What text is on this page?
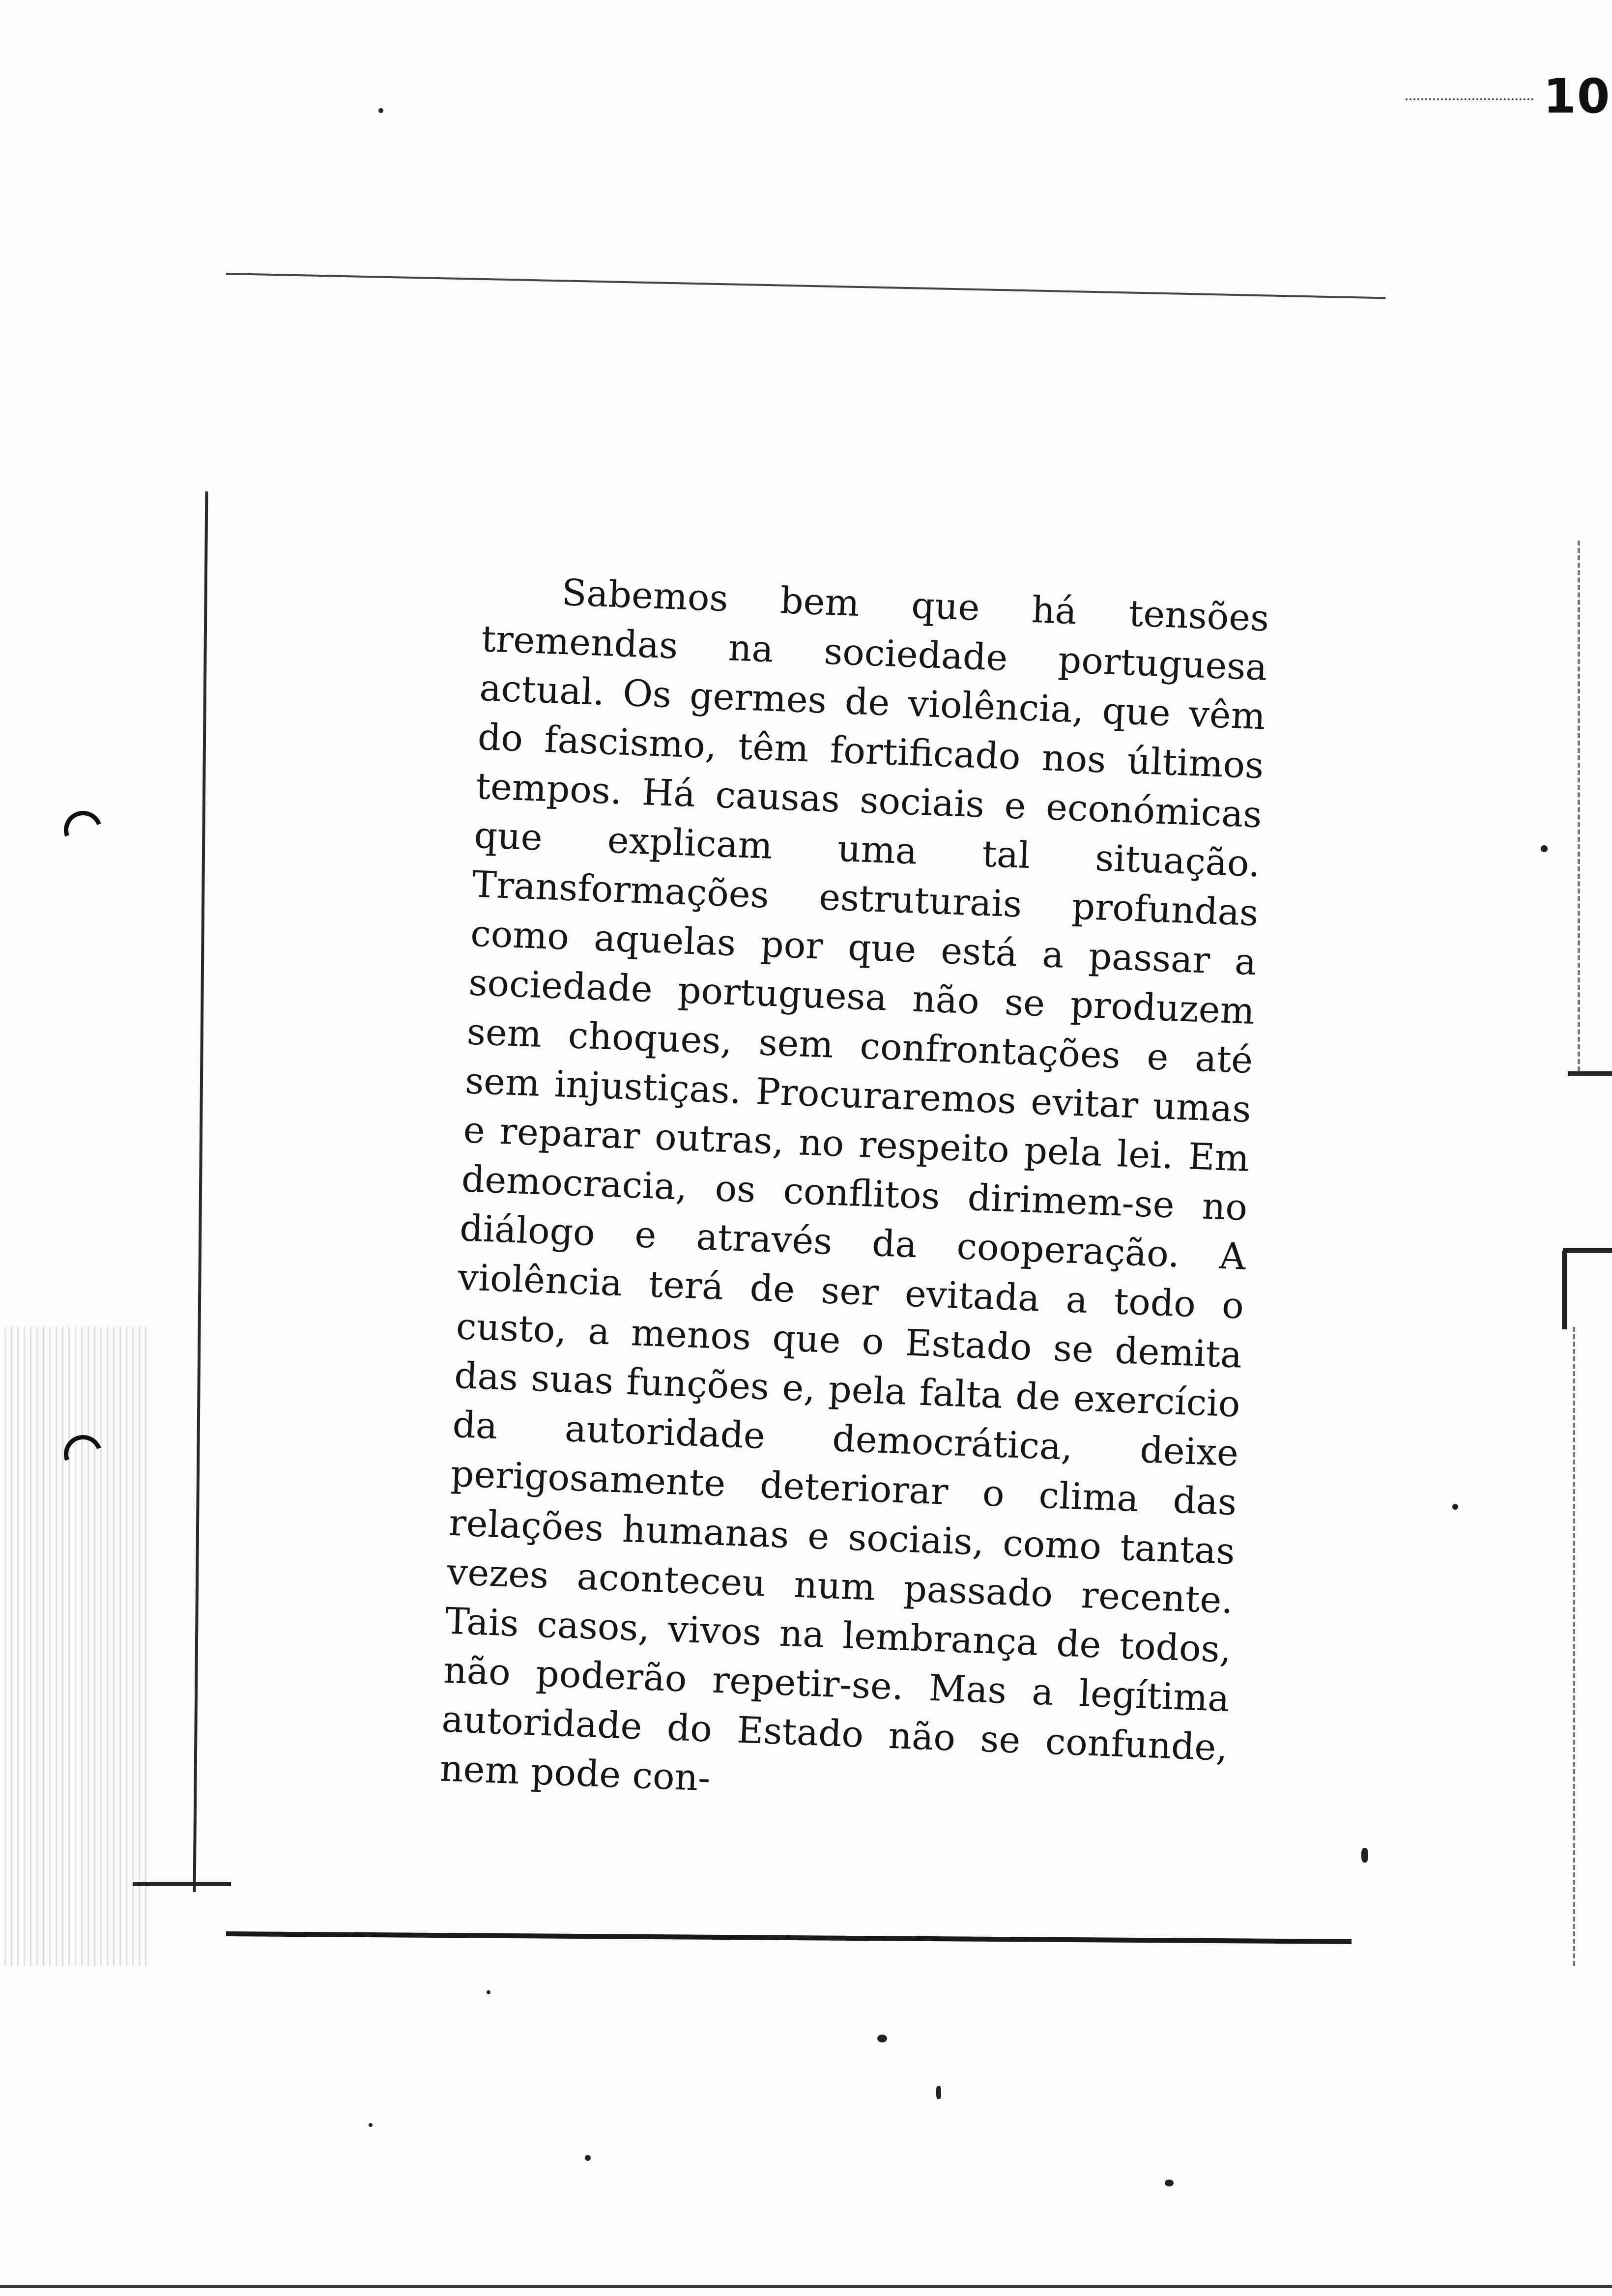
10

Sabemos bem que há tensões tremendas na sociedade portuguesa actual. Os germes de violência, que vêm do fascismo, têm fortificado nos últimos tempos. Há causas sociais e económicas que explicam uma tal situação. Transformações estruturais profundas como aquelas por que está a passar a sociedade portuguesa não se produzem sem choques, sem confrontações e até sem injustiças. Procuraremos evitar umas e reparar outras, no respeito pela lei. Em democracia, os conflitos dirimem-se no diálogo e através da cooperação. A violência terá de ser evitada a todo o custo, a menos que o Estado se demita das suas funções e, pela falta de exercício da autoridade democrática, deixe perigosamente deteriorar o clima das relações humanas e sociais, como tantas vezes aconteceu num passado recente. Tais casos, vivos na lembrança de todos, não poderão repetir-se. Mas a legítima autoridade do Estado não se confunde, nem pode con-
